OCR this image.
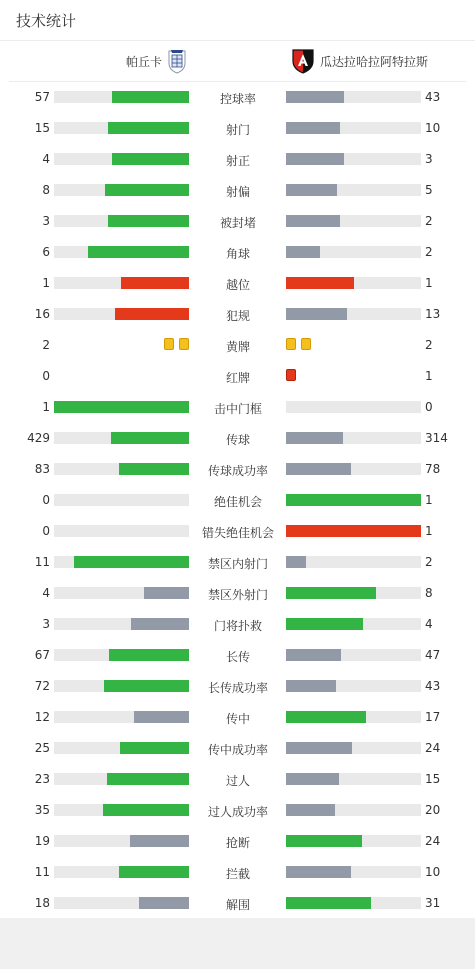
技术统计
帕丘卡	瓜达拉哈拉阿特拉斯
57	控球率	43
15	射门	10
4	射正	3
8	射偏	5
3	被封堵	2
6	角球	2
1	越位	1
16	犯规	13
2	黄牌	2
0	红牌	1
1	击中门框	0
429	传球	314
83	传球成功率	78
0	绝佳机会	1
0	错失绝佳机会	1
11	禁区内射门	2
4	禁区外射门	8
3	门将扑救	4
67	长传	47
72	长传成功率	43
12	传中	17
25	传中成功率	24
23	过人	15
35	过人成功率	20
19	抢断	24
11	拦截	10
18	解围	31
